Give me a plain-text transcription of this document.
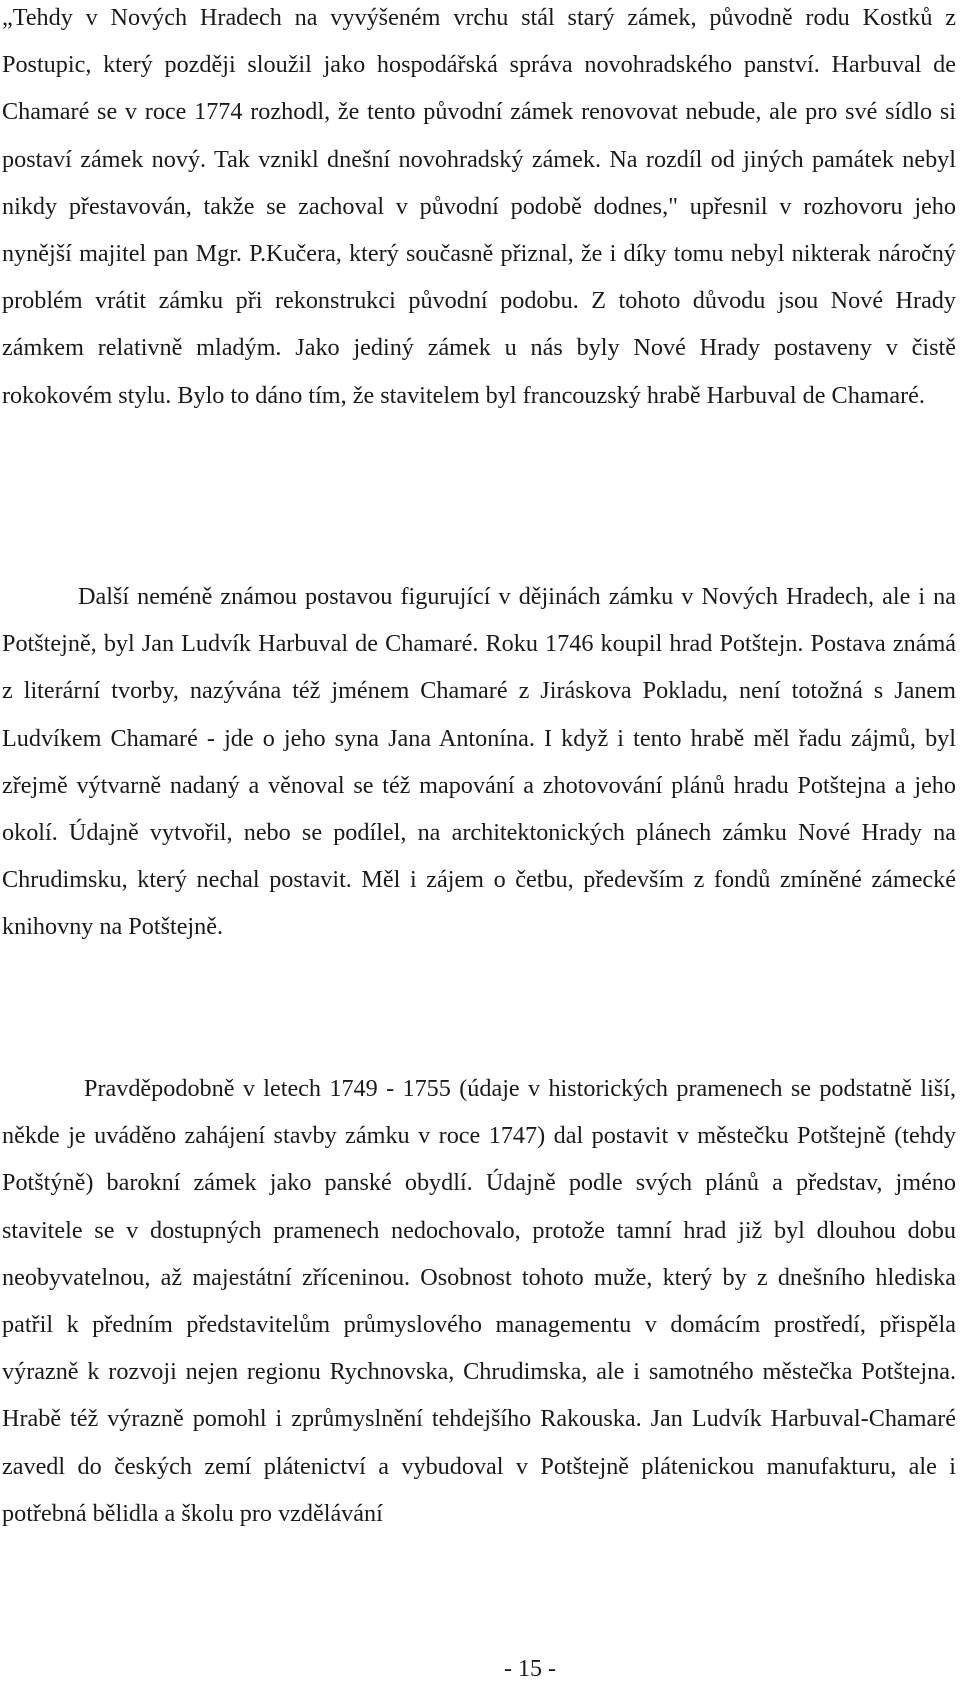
„Tehdy v Nových Hradech na vyvýšeném vrchu stál starý zámek, původně rodu Kostků z Postupic, který později sloužil jako hospodářská správa novohradského panství. Harbuval de Chamaré se v roce 1774 rozhodl, že tento původní zámek renovovat nebude, ale pro své sídlo si postaví zámek nový. Tak vznikl dnešní novohradský zámek. Na rozdíl od jiných památek nebyl nikdy přestavován, takže se zachoval v původní podobě dodnes," upřesnil v rozhovoru jeho nynější majitel pan Mgr. P.Kučera, který současně přiznal, že i díky tomu nebyl nikterak náročný problém vrátit zámku při rekonstrukci původní podobu. Z tohoto důvodu jsou Nové Hrady zámkem relativně mladým. Jako jediný zámek u nás byly Nové Hrady postaveny v čistě rokokovém stylu. Bylo to dáno tím, že stavitelem byl francouzský hrabě Harbuval de Chamaré.

Další neméně známou postavou figurující v dějinách zámku v Nových Hradech, ale i na Potštejně, byl Jan Ludvík Harbuval de Chamaré. Roku 1746 koupil hrad Potštejn. Postava známá z literární tvorby, nazývána též jménem Chamaré z Jiráskova Pokladu, není totožná s Janem Ludvíkem Chamaré - jde o jeho syna Jana Antonína. I když i tento hrabě měl řadu zájmů, byl zřejmě výtvarně nadaný a věnoval se též mapování a zhotovování plánů hradu Potštejna a jeho okolí. Údajně vytvořil, nebo se podílel, na architektonických plánech zámku Nové Hrady na Chrudimsku, který nechal postavit. Měl i zájem o četbu, především z fondů zmíněné zámecké knihovny na Potštejně.

Pravděpodobně v letech 1749 - 1755 (údaje v historických pramenech se podstatně liší, někde je uváděno zahájení stavby zámku v roce 1747) dal postavit v městečku Potštejně (tehdy Potštýně) barokní zámek jako panské obydlí. Údajně podle svých plánů a představ, jméno stavitele se v dostupných pramenech nedochovalo, protože tamní hrad již byl dlouhou dobu neobyvatelnou, až majestátní zříceninou. Osobnost tohoto muže, který by z dnešního hlediska patřil k předním představitelům průmyslového managementu v domácím prostředí, přispěla výrazně k rozvoji nejen regionu Rychnovska, Chrudimska, ale i samotného městečka Potštejna. Hrabě též výrazně pomohl i zprůmyslnění tehdejšího Rakouska. Jan Ludvík Harbuval-Chamaré zavedl do českých zemí plátenictví a vybudoval v Potštejně plátenickou manufakturu, ale i potřebná bělidla a školu pro vzdělávání

- 15 -
